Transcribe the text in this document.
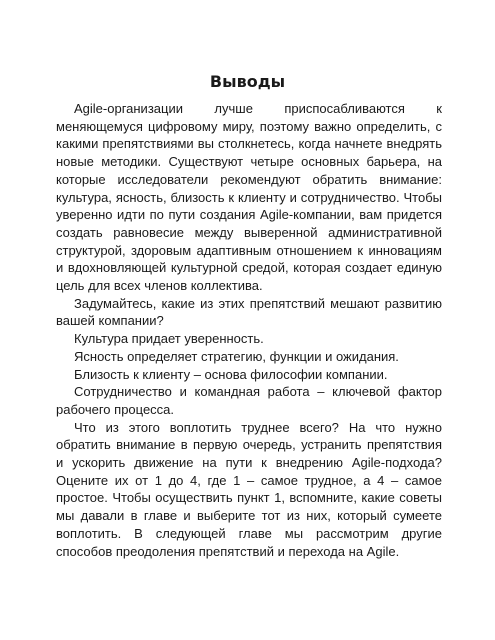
Выводы

Agile-организации лучше приспосабливаются к меняющемуся цифровому миру, поэтому важно определить, с какими препятствиями вы столкнетесь, когда начнете внедрять новые методики. Существуют четыре основных барьера, на которые исследователи рекомендуют обратить внимание: культура, ясность, близость к клиенту и сотрудничество. Чтобы уверенно идти по пути создания Agile-компании, вам придется создать равновесие между выверенной административной структурой, здоровым адаптивным отношением к инновациям и вдохновляющей культурной средой, которая создает единую цель для всех членов коллектива.

Задумайтесь, какие из этих препятствий мешают развитию вашей компании?

Культура придает уверенность.

Ясность определяет стратегию, функции и ожидания.

Близость к клиенту – основа философии компании.

Сотрудничество и командная работа – ключевой фактор рабочего процесса.

Что из этого воплотить труднее всего? На что нужно обратить внимание в первую очередь, устранить препятствия и ускорить движение на пути к внедрению Agile-подхода? Оцените их от 1 до 4, где 1 – самое трудное, а 4 – самое простое. Чтобы осуществить пункт 1, вспомните, какие советы мы давали в главе и выберите тот из них, который сумеете воплотить. В следующей главе мы рассмотрим другие способов преодоления препятствий и перехода на Agile.
